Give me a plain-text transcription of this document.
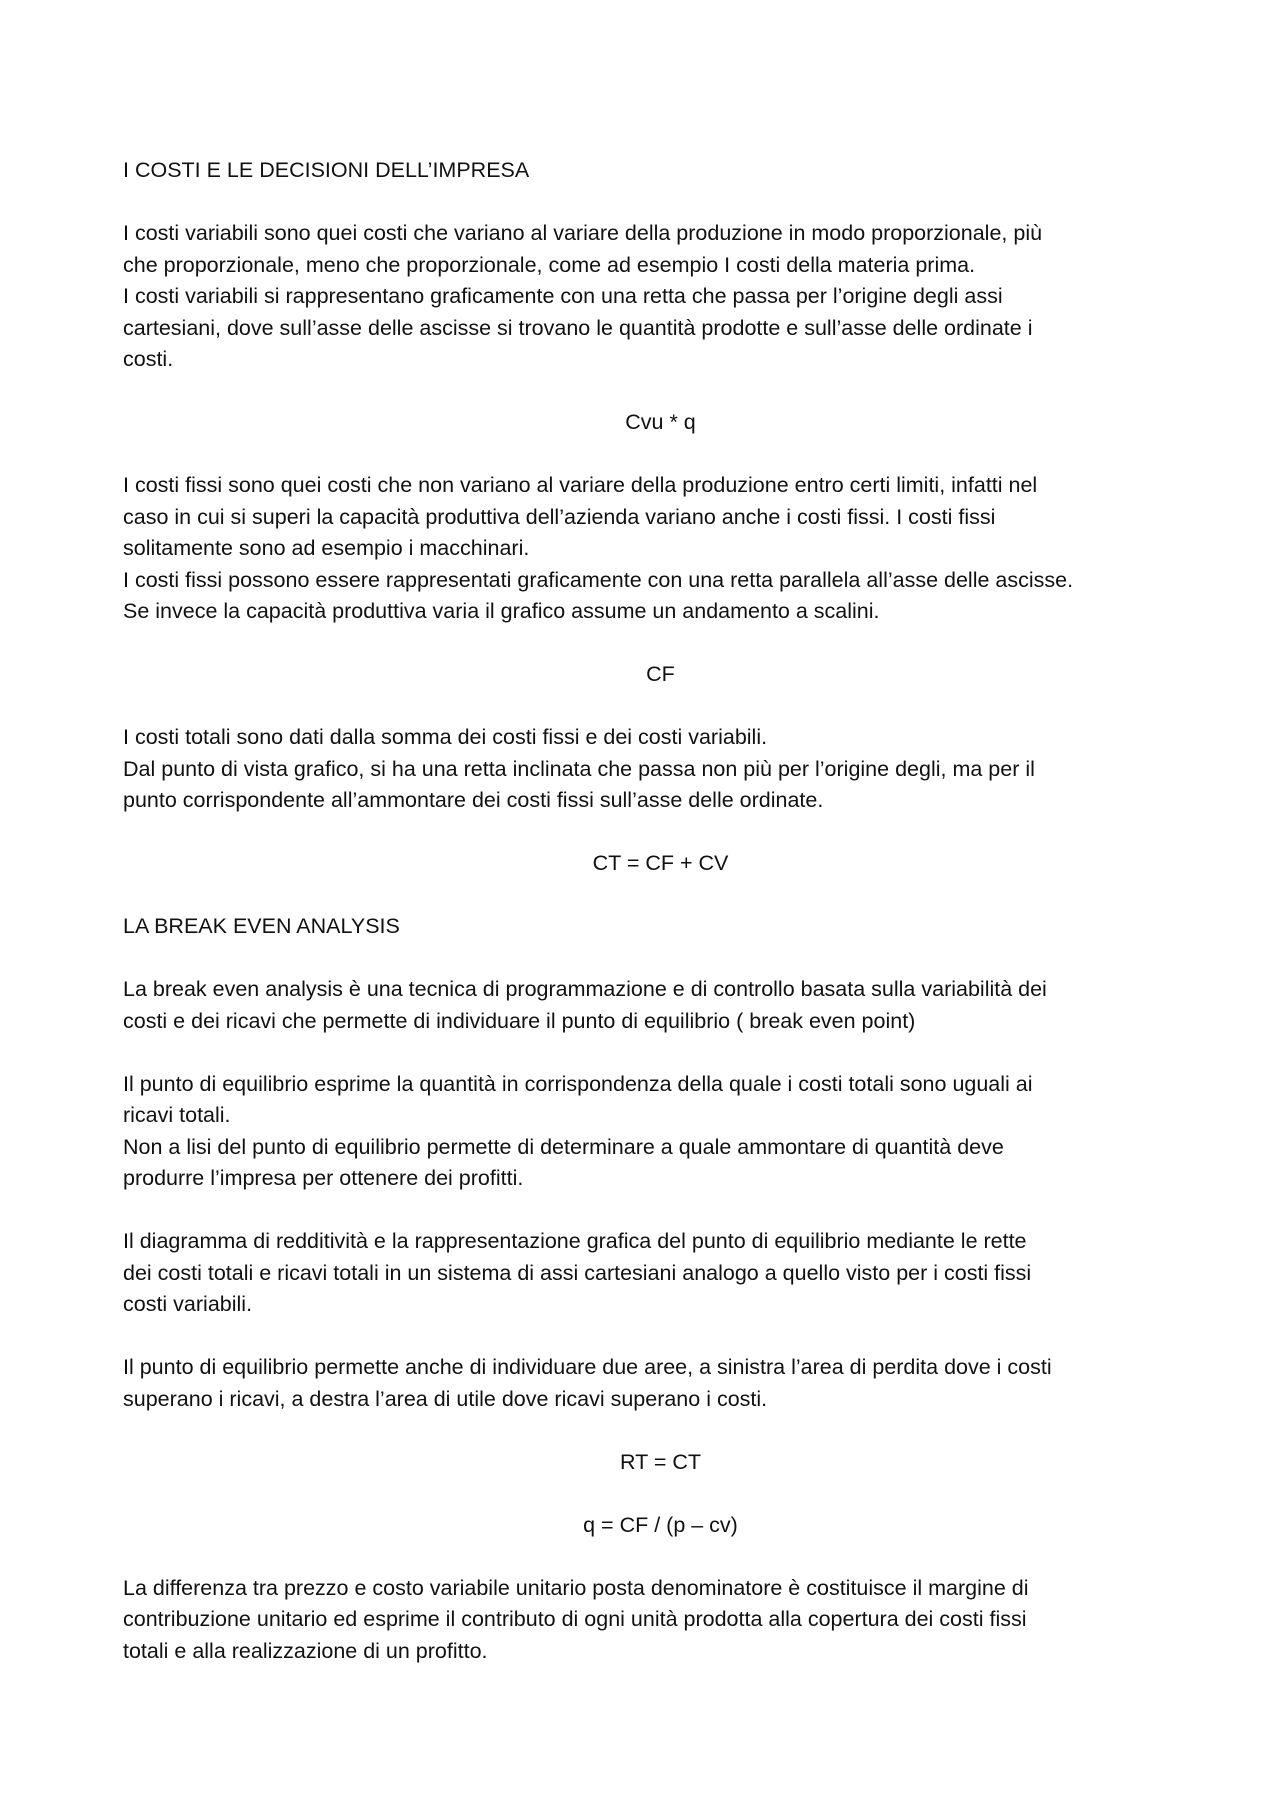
I COSTI E LE DECISIONI DELL’IMPRESA
I costi variabili sono quei costi che variano al variare della produzione in modo proporzionale, più
che proporzionale, meno che proporzionale, come ad esempio I costi della materia prima.
I costi variabili si rappresentano graficamente con una retta che passa per l’origine degli assi
cartesiani, dove sull’asse delle ascisse si trovano le quantità prodotte e sull’asse delle ordinate i
costi.
Cvu * q
I costi fissi sono quei costi che non variano al variare della produzione entro certi limiti, infatti nel
caso in cui si superi la capacità produttiva dell’azienda variano anche i costi fissi. I costi fissi
solitamente sono ad esempio i macchinari.
I costi fissi possono essere rappresentati graficamente con una retta parallela all’asse delle ascisse.
Se invece la capacità produttiva varia il grafico assume un andamento a scalini.
CF
I costi totali sono dati dalla somma dei costi fissi e dei costi variabili.
Dal punto di vista grafico, si ha una retta inclinata che passa non più per l’origine degli, ma per il
punto corrispondente all’ammontare dei costi fissi sull’asse delle ordinate.
CT = CF + CV
LA BREAK EVEN ANALYSIS
La break even analysis è una tecnica di programmazione e di controllo basata sulla variabilità dei
costi e dei ricavi che permette di individuare il punto di equilibrio ( break even point)
Il punto di equilibrio esprime la quantità in corrispondenza della quale i costi totali sono uguali ai
ricavi totali.
Non a lisi del punto di equilibrio permette di determinare a quale ammontare di quantità deve
produrre l’impresa per ottenere dei profitti.
Il diagramma di redditività e la rappresentazione grafica del punto di equilibrio mediante le rette
dei costi totali e ricavi totali in un sistema di assi cartesiani analogo a quello visto per i costi fissi
costi variabili.
Il punto di equilibrio permette anche di individuare due aree, a sinistra l’area di perdita dove i costi
superano i ricavi, a destra l’area di utile dove ricavi superano i costi.
RT = CT
q = CF / (p – cv)
La differenza tra prezzo e costo variabile unitario posta denominatore è costituisce il margine di
contribuzione unitario ed esprime il contributo di ogni unità prodotta alla copertura dei costi fissi
totali e alla realizzazione di un profitto.
